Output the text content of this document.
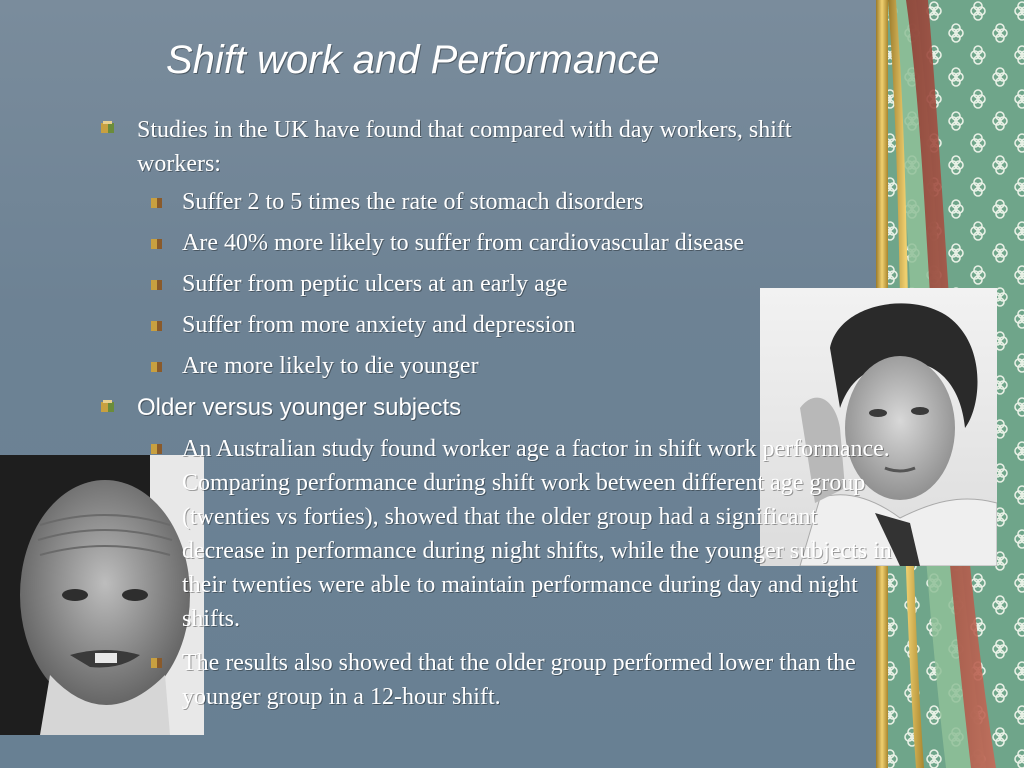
Shift work and Performance
Studies in the UK have found that compared with day workers, shift workers:
Suffer 2 to 5 times the rate of stomach disorders
Are 40% more likely to suffer from cardiovascular disease
Suffer from peptic ulcers at an early age
Suffer from more anxiety and depression
Are more likely to die younger
Older versus younger subjects
An Australian study found worker age a factor in shift work performance. Comparing performance during shift work between different age group (twenties vs forties), showed that the older group had a significant decrease in performance during night shifts, while the younger subjects in their twenties were able to maintain performance during day and night shifts.
The results also showed that the older group performed lower than the younger group in a 12-hour shift.
